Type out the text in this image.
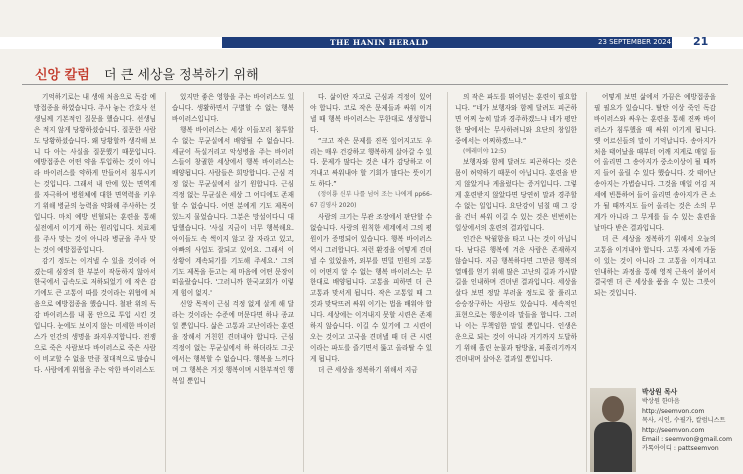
THE HANIN HERALD	23 SEPTEMBER 2024 21
신앙 칼럼 더 큰 세상을 정복하기 위해

기억하기로는 내 생애 처음으로 독감 예방접종을 하였습니다. 주사 놓는 간호사 선생님께 기본적인 질문을 했습니다. 선생님은 적지 않게 당황하셨습니다. 질문한 사람도 당황하셨습니다. 왜 당황할까 생각해 보니 다 아는 사실을 질문했기 때문입니다. 예방접종은 어떤 약을 투입하는 것이 아니라 바이러스를 약하게 만들어서 침투시키는 것입니다. 그래서 내 안에 있는 면역계를 자극하여 병원체에 대한 면역력을 키우기 위해 병균의 능력을 약화해 주사하는 것입니다. 마치 예방 빈혈되는 훈련을 통해 실전에서 이기게 하는 원리입니다. 치료제를 주사 맞는 것이 아니라 병균을 주사 맞는 것이 예방접종입니다.

감기 정도는 이겨낼 수 있을 것이라 여겼는데 심장의 한 부분이 작동하지 않아서 한국에서 급속도로 저하되었기 에 작은 감기에도 큰 고통이 따를 것이라는 위협에 처음으로 예방접종을 했습니다. 철판 위의 독감 바이러스를 내 몸 안으로 투입 시킨 것입니다. 눈에도 보이지 않는 미세한 바이러스가 인간의 생명을 좌지우지합니다. 전쟁으로 죽은 사람보다 바이러스로 죽은 사람이 비교할 수 없을 만큼 절대적으로 많습니다. 사람에게 위협을 주는 악한 바이러스도

있지만 좋은 영향을 주는 바이러스도 있습니다. 생활하면서 구별할 수 없는 행복 바이러스입니다.

행복 바이러스는 세상 이들꼬리 침투할 수 없는 무균실에서 배양될 수 없습니다. 세균이 득실거리고 악성병을 주는 바이러스들이 창궐한 세상에서 행복 바이러스는 배양됩니다. 사람들은 희망합니다. 근심 걱정 없는 무균실에서 살기 원합니다. 근심 걱정 없는 무균실은 세상 그 어디에도 존재할 수 없습니다. 어떤 분에게 기도 제목이 있느지 물었습니다. 그분은 망설이다니 대답했습니다. '사실 지금이 너무 행복해요. 아이들도 속 썩이지 않고 잘 자라고 있고, 아빠의 사업도 잘되고 있어요. 그래서 이 상황이 계속되기를 기도해 주세요.' 그의 기도 제목을 듣고는 제 마음에 어떤 문장이 떠올랐습니다. '그러니까 한국교회가 이렇게 힘이 없지.'

신앙 목적이 근심 걱정 없게 살게 해 달라는 것이라는 수준에 머문다면 하나 종교일 뿐입니다. 삶은 고통과 고난이라는 훈련을 장해서 거친힌 견뎌내야 합니다. 근심 걱정이 없는 무균실에서 하 하더라도 그곳에서는 행복할 수 없습니다. 행복을 느끼다며 그 행복은 거짓 행복이며 시한부적인 행복일 뿐입니

다. 삶이란 자고로 근심과 걱정이 있어야 합니다. 코로 작은 문제들과 싸워 이겨낼 때 행복 바이러스는 무한대로 생성합니다.

“크고 작은 문제를 진폭 잎어지고도 우리는 매우 건강하고 행복하게 살아갈 수 있다. 문제가 많다는 것은 내가 감당하고 이겨내고 싸워내야 할 기회가 많다는 뜻이기도 하다.”

(정이룡 신부 나를 넘어 조는 나에게 pp66-67 김영사 2020)

사람의 크기는 무관 조장에서 판단할 수 없습니다. 사랑의 원칙한 세계에서 그의 평원이가 증명되어 있습니다. 행복 바이러스 역시 그러합니다. 저런 환경을 어떻게 견뎌낼 수 있었을까, 외부를 면밀 민원의 고통이 어떤지 알 수 없는 행복 바이러스는 무한대로 배양됩니다. 고통을 피하면 더 큰 고통과 맞서게 됩니다. 작은 고통일 때 그것과 맞닥뜨려 싸워 이기는 법을 배워야 합니다. 세상에는 이겨내지 못할 시련은 존재하지 않습니다. 이길 수 있기에 그 시련이 오는 것이고 고국을 견뎌낼 때 더 큰 시련이라는 파도를 즐기면서 뚫고 올라탈 수 있게 됩니다.

더 큰 세상을 정복하기 위해서 지금

의 작은 파도를 뛰어넘는 훈련이 필요합니다. “네가 보행자와 함께 달려도 피곤하면 어찌 능히 말과 경주하겠느냐 네가 평안한 땅에서는 무사하려니와 요단의 창일한 중에서는 어찌하겠느냐.”

(예레미야 12:5)

보행자와 함께 달려도 피곤하다는 것은 몸이 허약하기 때문이 아닙니다. 훈련을 받지 않았거나 게을렀다는 증거입니다. 그렇게 훈련받지 않았다면 당연히 말과 경주할 수 없는 일입니다. 요단강이 넘칠 때 그 강을 건너 싸워 이길 수 있는 것은 빈번히는 일상에서의 훈련의 결과입니다.

인간은 탁월함을 타고 나는 것이 아닙니다. 남다른 행복에 겨운 사람은 존재하지 않습니다. 지금 행복하다면 그만큼 행복의 열매를 얻기 위해 많은 고난의 길과 가시밭길을 인내하며 견뎌낸 결과입니다. 세상을 살다 보면 정말 부러울 정도로 잘 풀리고 승승장구하는 사람도 있습니다. 세속적인 표현으로는 행운이라 말들을 합니다. 그러나 이는 무책임한 말일 뿐입니다. 인생은 운으로 되는 것이 아니라 거기까지 도달하기 위해 흘린 눈물과 땀방울, 피흘리기까지 견뎌내며 살아온 결과일 뿐입니다.

어떻게 보면 삶에서 가끔은 예방접종을 필 필요가 있습니다. 탈탄 이상 죽인 독감 바이러스와 싸우는 훈련을 통해 진짜 바이러스가 침투했을 때 싸워 이기게 됩니다. 옛 어르신들의 말이 기억납니다. 송아지가 처음 태어났을 때부터 어깨 지게로 매일 들어 올리면 그 송아지가 중소이상이 될 때까지 들어 올릴 수 있다 했습니다. 갓 태어난 송아지는 가볍습니다. 그것을 매일 어김 저세에 빈틈하여 들어 올리면 송아지가 큰 소가 될 때까지도 들어 올리는 것은 소의 무게가 아니라 그 무게를 들 수 있는 훈련을 날마다 받은 결과입니다.

더 큰 세상을 정복하기 위해서 오늘의 고통을 이겨내야 합니다. 고통 자체에 가둠이 있는 것이 아니라 그 고통을 이겨내고 인내하는 과정을 통해 영적 근육이 붙어서 결국엔 더 큰 세상을 품을 수 있는 그릇이 되는 것입니다.

박상원 목사
박상원 한마음
http://seemvon.com
목사, 시인, 수필가, 칼럼니스트
http://seemvon.com
Email : seemvon@gmail.com
카톡아이디 : pattseemvon
